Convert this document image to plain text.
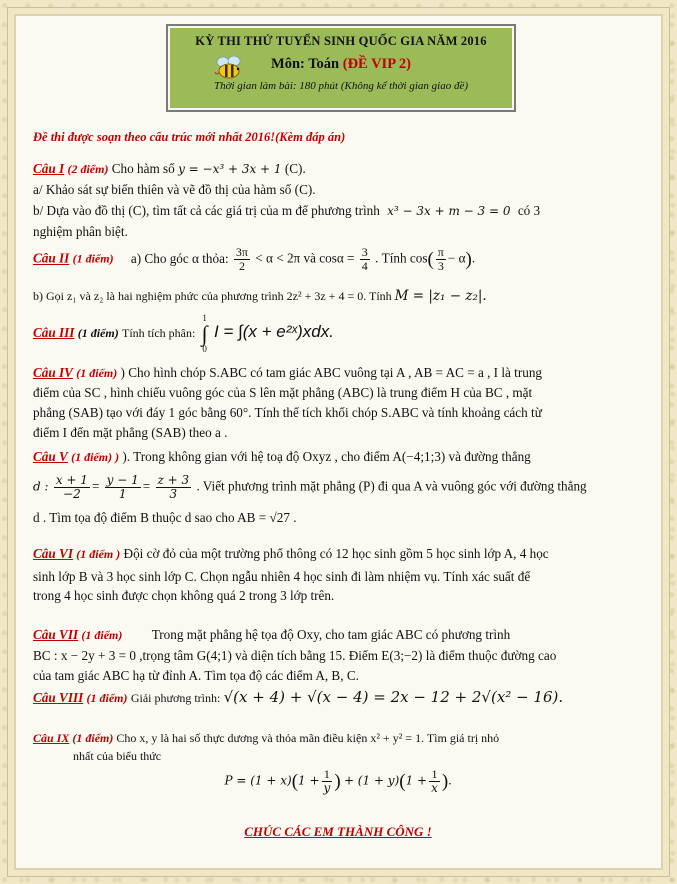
KỲ THI THỬ TUYỂN SINH QUỐC GIA NĂM 2016
Môn: Toán (ĐỀ VIP 2)
Thời gian làm bài: 180 phút (Không kể thời gian giao đề)
Đề thi được soạn theo cấu trúc mới nhất 2016!(Kèm đáp án)
Câu I (2 điểm) Cho hàm số y = −x³ + 3x + 1 (C).
a/ Khảo sát sự biến thiên và vẽ đồ thị của hàm số (C).
b/ Dựa vào đồ thị (C), tìm tất cả các giá trị của m để phương trình x³ − 3x + m − 3 = 0 có 3
nghiệm phân biệt.
Câu II (1 điểm) a) Cho góc α thỏa: $\frac{3\pi}{2} < \alpha < 2\pi$ và $\cos\alpha = \frac{3}{4}$ . Tính $\cos( \frac{\pi}{3} - \alpha)$.
b) Gọi z₁ và z₂ là hai nghiệm phức của phương trình 2z² + 3z + 4 = 0. Tính M = |z₁ − z₂|.
Câu III (1 điểm) Tính tích phân: 1
∫
0 I = ∫(x + e²ˣ)xdx.
Câu IV (1 điểm) ) Cho hình chóp S.ABC có tam giác ABC vuông tại A , AB = AC = a , I là trung
điểm của SC , hình chiếu vuông góc của S lên mặt phẳng (ABC) là trung điểm H của BC , mặt
phẳng (SAB) tạo với đáy 1 góc bằng 60°. Tính thể tích khối chóp S.ABC và tính khoảng cách từ
điểm I đến mặt phẳng (SAB) theo a .
Câu V (1 điểm) ) ). Trong không gian với hệ toạ độ Oxyz , cho điểm A(−4;1;3) và đường thẳng
d : $\frac{x + 1}{-2} = \frac{y - 1}{1} = \frac{z + 3}{3}$ . Viết phương trình mặt phẳng (P) đi qua A và vuông góc với đường thẳng
d . Tìm tọa độ điểm B thuộc d sao cho AB = √27 .
Câu VI (1 điểm ) Đội cờ đỏ của một trường phổ thông có 12 học sinh gồm 5 học sinh lớp A, 4 học
sinh lớp B và 3 học sinh lớp C. Chọn ngẫu nhiên 4 học sinh đi làm nhiệm vụ. Tính xác suất để
trong 4 học sinh được chọn không quá 2 trong 3 lớp trên.
Câu VII (1 điểm) Trong mặt phẳng hệ tọa độ Oxy, cho tam giác ABC có phương trình
BC : x − 2y + 3 = 0 ,trọng tâm G(4;1) và diện tích bằng 15. Điểm E(3;−2) là điểm thuộc đường cao
của tam giác ABC hạ từ đỉnh A. Tìm tọa độ các điểm A, B, C.
Câu VIII (1 điểm) Giải phương trình: √(x + 4) + √(x − 4) = 2x − 12 + 2√(x² − 16).
Câu IX (1 điểm) Cho x, y là hai số thực dương và thỏa mãn điều kiện x² + y² = 1. Tìm giá trị nhỏ
nhất của biểu thức
$P = (1 + x)(1 + \frac{1}{y}$ ) + $(1 + y)(1 + \frac{1}{x}$ ).
CHÚC CÁC EM THÀNH CÔNG !
